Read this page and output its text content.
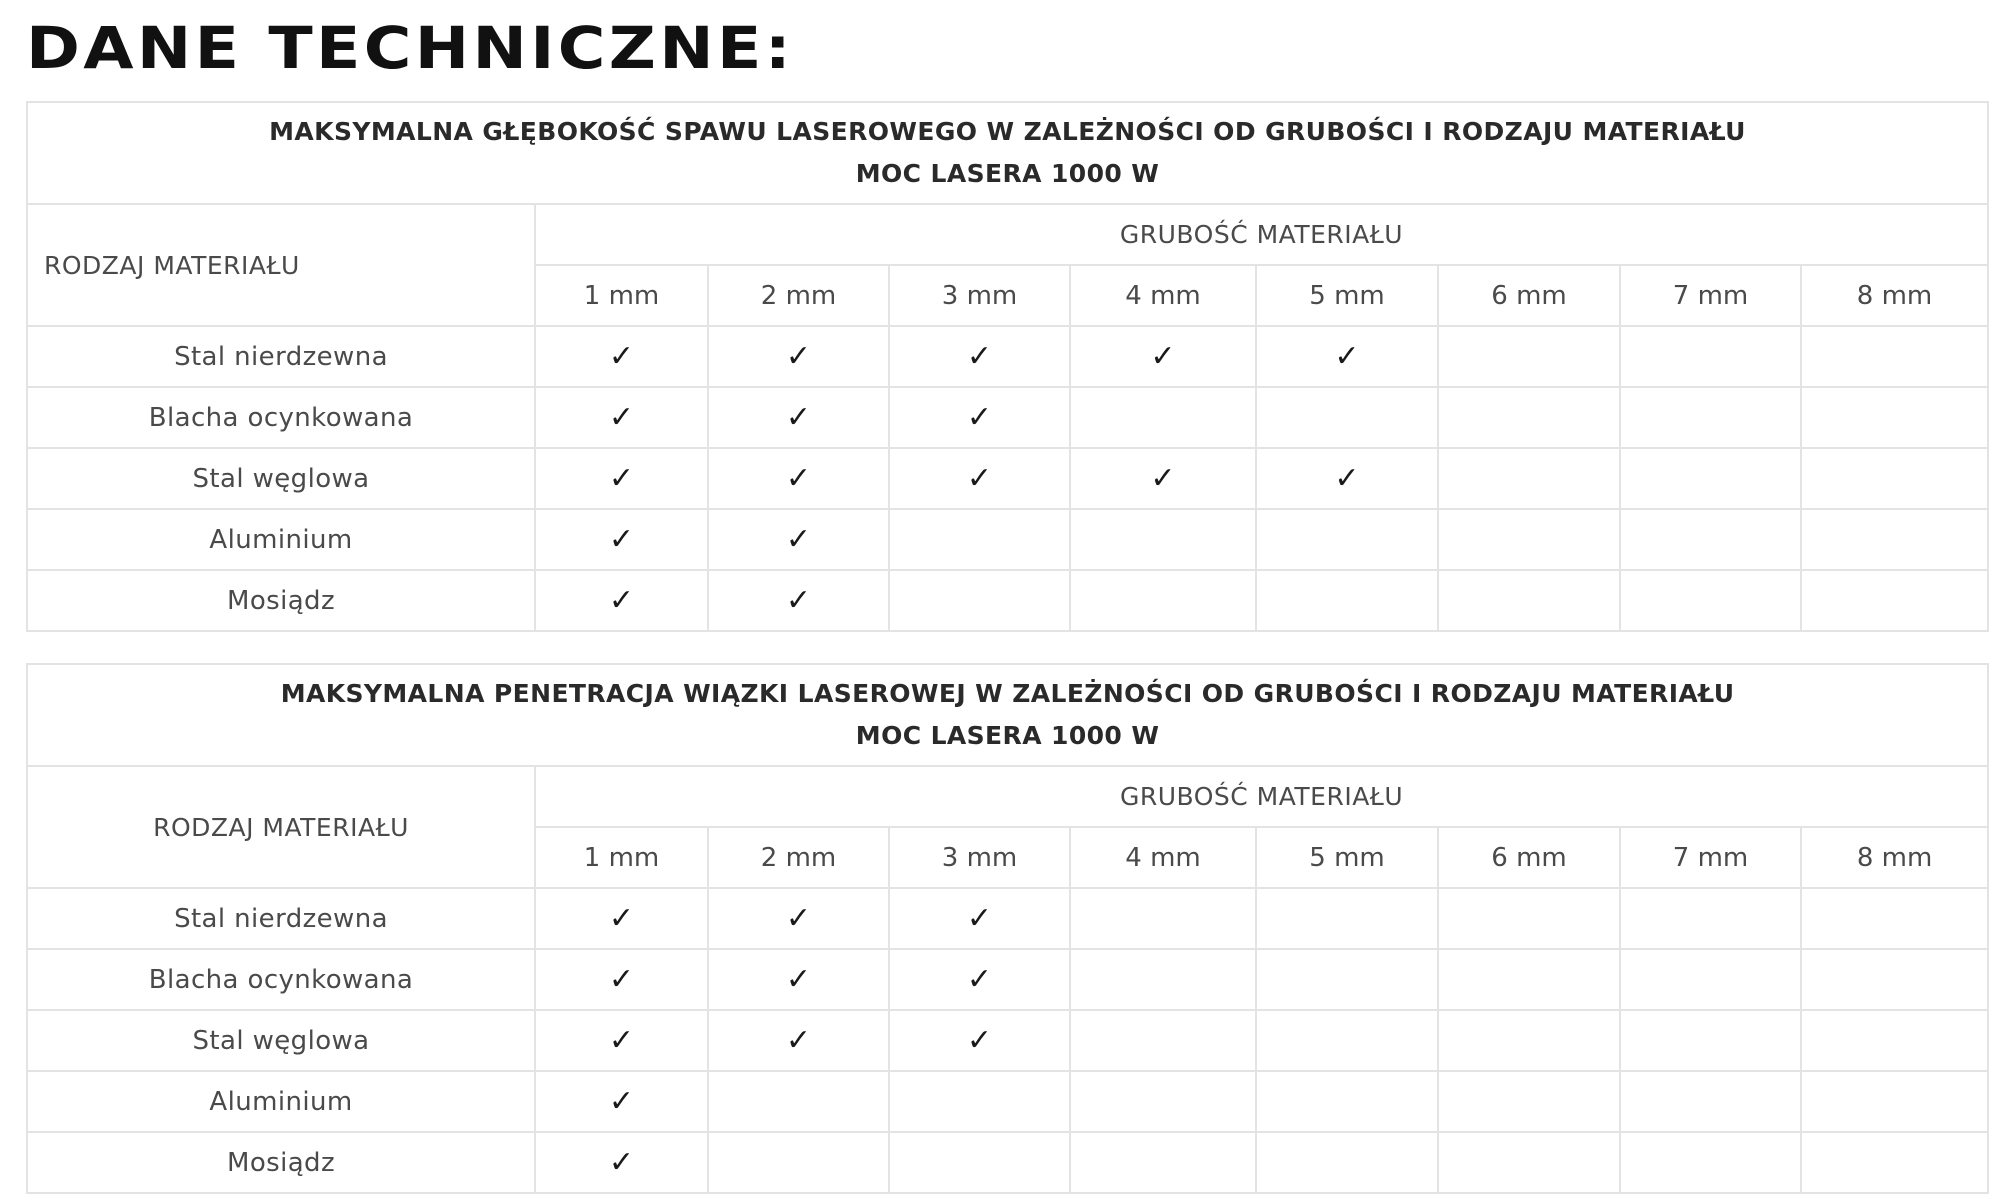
DANE TECHNICZNE:
MAKSYMALNA GŁĘBOKOŚĆ SPAWU LASEROWEGO W ZALEŻNOŚCI OD GRUBOŚCI I RODZAJU MATERIAŁU
MOC LASERA 1000 W								

RODZAJ MATERIAŁU	GRUBOŚĆ MATERIAŁU							
	1 mm	2 mm	3 mm	4 mm	5 mm	6 mm	7 mm	8 mm
Stal nierdzewna	✓	✓	✓	✓	✓			
Blacha ocynkowana	✓	✓	✓					
Stal węglowa	✓	✓	✓	✓	✓			
Aluminium	✓	✓						
Mosiądz	✓	✓						
MAKSYMALNA PENETRACJA WIĄZKI LASEROWEJ W ZALEŻNOŚCI OD GRUBOŚCI I RODZAJU MATERIAŁU
MOC LASERA 1000 W								

RODZAJ MATERIAŁU	GRUBOŚĆ MATERIAŁU							
	1 mm	2 mm	3 mm	4 mm	5 mm	6 mm	7 mm	8 mm
Stal nierdzewna	✓	✓	✓					
Blacha ocynkowana	✓	✓	✓					
Stal węglowa	✓	✓	✓					
Aluminium	✓							
Mosiądz	✓							
